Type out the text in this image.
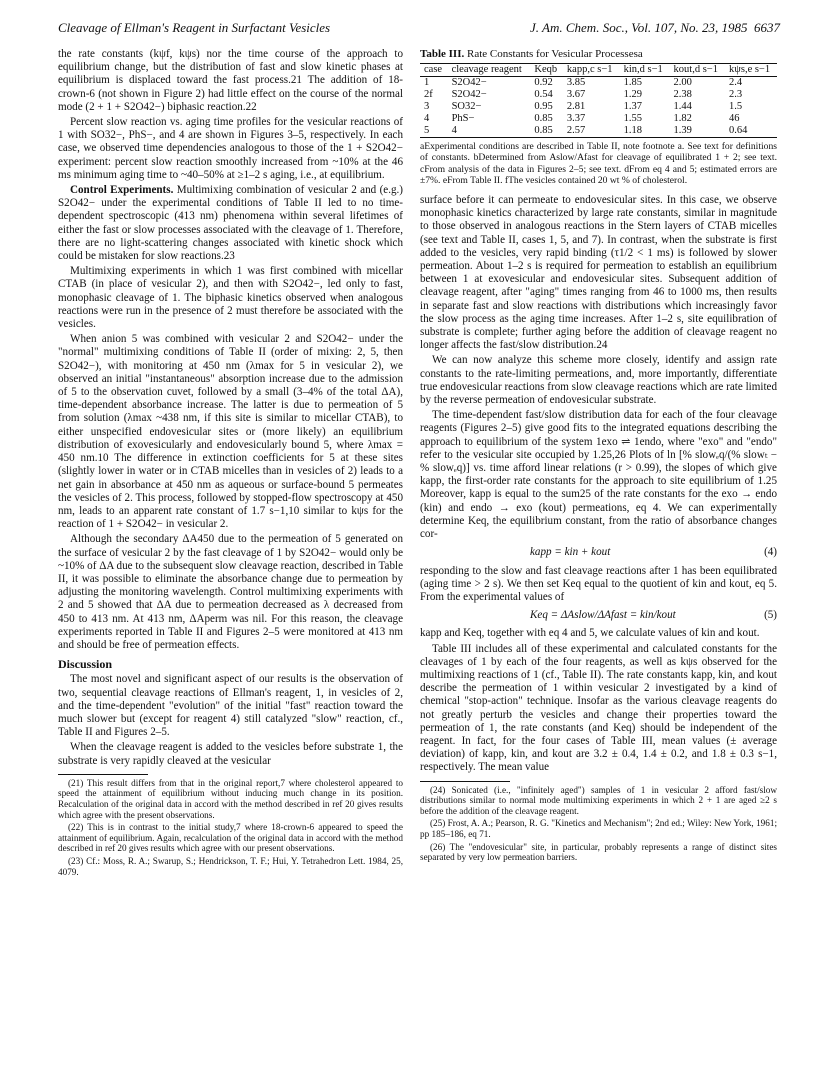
Cleavage of Ellman's Reagent in Surfactant Vesicles	J. Am. Chem. Soc., Vol. 107, No. 23, 1985 6637

the rate constants (kψf, kψs) nor the time course of the approach to equilibrium change, but the distribution of fast and slow kinetic phases at equilibrium is displaced toward the fast process.21 The addition of 18-crown-6 (not shown in Figure 2) had little effect on the course of the normal mode (2 + 1 + S2O42−) biphasic reaction.22

Percent slow reaction vs. aging time profiles for the vesicular reactions of 1 with SO32−, PhS−, and 4 are shown in Figures 3–5, respectively. In each case, we observed time dependencies analogous to those of the 1 + S2O42− experiment: percent slow reaction smoothly increased from ~10% at the 46 ms minimum aging time to ~40–50% at ≥1–2 s aging, i.e., at equilibrium.

Control Experiments. Multimixing combination of vesicular 2 and (e.g.) S2O42− under the experimental conditions of Table II led to no time-dependent spectroscopic (413 nm) phenomena within several lifetimes of either the fast or slow processes associated with the cleavage of 1. Therefore, there are no light-scattering changes associated with kinetic shock which could be mistaken for slow reactions.23

Multimixing experiments in which 1 was first combined with micellar CTAB (in place of vesicular 2), and then with S2O42−, led only to fast, monophasic cleavage of 1. The biphasic kinetics observed when analogous reactions were run in the presence of 2 must therefore be associated with the vesicles.

When anion 5 was combined with vesicular 2 and S2O42− under the "normal" multimixing conditions of Table II (order of mixing: 2, 5, then S2O42−), with monitoring at 450 nm (λmax for 5 in vesicular 2), we observed an initial "instantaneous" absorption increase due to the admission of 5 to the observation cuvet, followed by a small (3–4% of the total ΔA), time-dependent absorbance increase. The latter is due to permeation of 5 from solution (λmax ~438 nm, if this site is similar to micellar CTAB), to either unspecified endovesicular sites or (more likely) an equilibrium distribution of exovesicularly and endovesicularly bound 5, where λmax = 450 nm.10 The difference in extinction coefficients for 5 at these sites (slightly lower in water or in CTAB micelles than in vesicles of 2) leads to a net gain in absorbance at 450 nm as aqueous or surface-bound 5 permeates the vesicles of 2. This process, followed by stopped-flow spectroscopy at 450 nm, leads to an apparent rate constant of 1.7 s−1,10 similar to kψs for the reaction of 1 + S2O42− in vesicular 2.

Although the secondary ΔA450 due to the permeation of 5 generated on the surface of vesicular 2 by the fast cleavage of 1 by S2O42− would only be ~10% of ΔA due to the subsequent slow cleavage reaction, described in Table II, it was possible to eliminate the absorbance change due to permeation by adjusting the monitoring wavelength. Control multimixing experiments with 2 and 5 showed that ΔA due to permeation decreased as λ decreased from 450 to 413 nm. At 413 nm, ΔAperm was nil. For this reason, the cleavage experiments reported in Table II and Figures 2–5 were monitored at 413 nm and should be free of permeation effects.

Discussion

The most novel and significant aspect of our results is the observation of two, sequential cleavage reactions of Ellman's reagent, 1, in vesicles of 2, and the time-dependent "evolution" of the initial "fast" reaction toward the much slower but (except for reagent 4) still catalyzed "slow" reaction, cf., Table II and Figures 2–5.

When the cleavage reagent is added to the vesicles before substrate 1, the substrate is very rapidly cleaved at the vesicular

(21) This result differs from that in the original report,7 where cholesterol appeared to speed the attainment of equilibrium without inducing much change in its position. Recalculation of the original data in accord with the method described in ref 20 gives results which agree with the present observations.
(22) This is in contrast to the initial study,7 where 18-crown-6 appeared to speed the attainment of equilibrium. Again, recalculation of the original data in accord with the method described in ref 20 gives results which agree with our present observations.
(23) Cf.: Moss, R. A.; Swarup, S.; Hendrickson, T. F.; Hui, Y. Tetrahedron Lett. 1984, 25, 4079.
Table III. Rate Constants for Vesicular Processesa
case	cleavage reagent	Keqb	kapp,c s−1	kin,d s−1	kout,d s−1	kψs,e s−1
1	S2O42−	0.92	3.85	1.85	2.00	2.4
2f	S2O42−	0.54	3.67	1.29	2.38	2.3
3	SO32−	0.95	2.81	1.37	1.44	1.5
4	PhS−	0.85	3.37	1.55	1.82	46
5	4	0.85	2.57	1.18	1.39	0.64
aExperimental conditions are described in Table II, note footnote a. See text for definitions of constants. bDetermined from Aslow/Afast for cleavage of equilibrated 1 + 2; see text. cFrom analysis of the data in Figures 2–5; see text. dFrom eq 4 and 5; estimated errors are ±7%. eFrom Table II. fThe vesicles contained 20 wt % of cholesterol.

surface before it can permeate to endovesicular sites. In this case, we observe monophasic kinetics characterized by large rate constants, similar in magnitude to those observed in analogous reactions in the Stern layers of CTAB micelles (see text and Table II, cases 1, 5, and 7). In contrast, when the substrate is first added to the vesicles, very rapid binding (τ1/2 < 1 ms) is followed by slower permeation. About 1–2 s is required for permeation to establish an equilibrium between 1 at exovesicular and endovesicular sites. Subsequent addition of cleavage reagent, after "aging" times ranging from 46 to 1000 ms, then results in separate fast and slow reactions with distributions which increasingly favor the slow process as the aging time increases. After 1–2 s, site equilibration of substrate is complete; further aging before the addition of cleavage reagent no longer affects the fast/slow distribution.24

We can now analyze this scheme more closely, identify and assign rate constants to the rate-limiting permeations, and, more importantly, differentiate true endovesicular reactions from slow cleavage reactions which are rate limited by the reverse permeation of endovesicular substrate.

The time-dependent fast/slow distribution data for each of the four cleavage reagents (Figures 2–5) give good fits to the integrated equations describing the approach to equilibrium of the system 1exo ⇌ 1endo, where "exo" and "endo" refer to the vesicular site occupied by 1.25,26 Plots of ln [% slowₑq/(% slowₜ − % slowₑq)] vs. time afford linear relations (r > 0.99), the slopes of which give kapp, the first-order rate constants for the approach to site equilibrium of 1.25 Moreover, kapp is equal to the sum25 of the rate constants for the exo → endo (kin) and endo → exo (kout) permeations, eq 4. We can experimentally determine Keq, the equilibrium constant, from the ratio of absorbance changes cor-

kapp = kin + kout	(4)

responding to the slow and fast cleavage reactions after 1 has been equilibrated (aging time > 2 s). We then set Keq equal to the quotient of kin and kout, eq 5. From the experimental values of

Keq = ΔAslow/ΔAfast = kin/kout	(5)

kapp and Keq, together with eq 4 and 5, we calculate values of kin and kout.

Table III includes all of these experimental and calculated constants for the cleavages of 1 by each of the four reagents, as well as kψs observed for the multimixing reactions of 1 (cf., Table II). The rate constants kapp, kin, and kout describe the permeation of 1 within vesicular 2 investigated by a kind of chemical "stop-action" technique. Insofar as the various cleavage reagents do not greatly perturb the vesicles and change their properties toward the permeation of 1, the rate constants (and Keq) should be independent of the reagent. In fact, for the four cases of Table III, mean values (± average deviation) of kapp, kin, and kout are 3.2 ± 0.4, 1.4 ± 0.2, and 1.8 ± 0.3 s−1, respectively. The mean value

(24) Sonicated (i.e., "infinitely aged") samples of 1 in vesicular 2 afford fast/slow distributions similar to normal mode multimixing experiments in which 2 + 1 are aged ≥2 s before the addition of the cleavage reagent.
(25) Frost, A. A.; Pearson, R. G. "Kinetics and Mechanism"; 2nd ed.; Wiley: New York, 1961; pp 185–186, eq 71.
(26) The "endovesicular" site, in particular, probably represents a range of distinct sites separated by very low permeation barriers.
